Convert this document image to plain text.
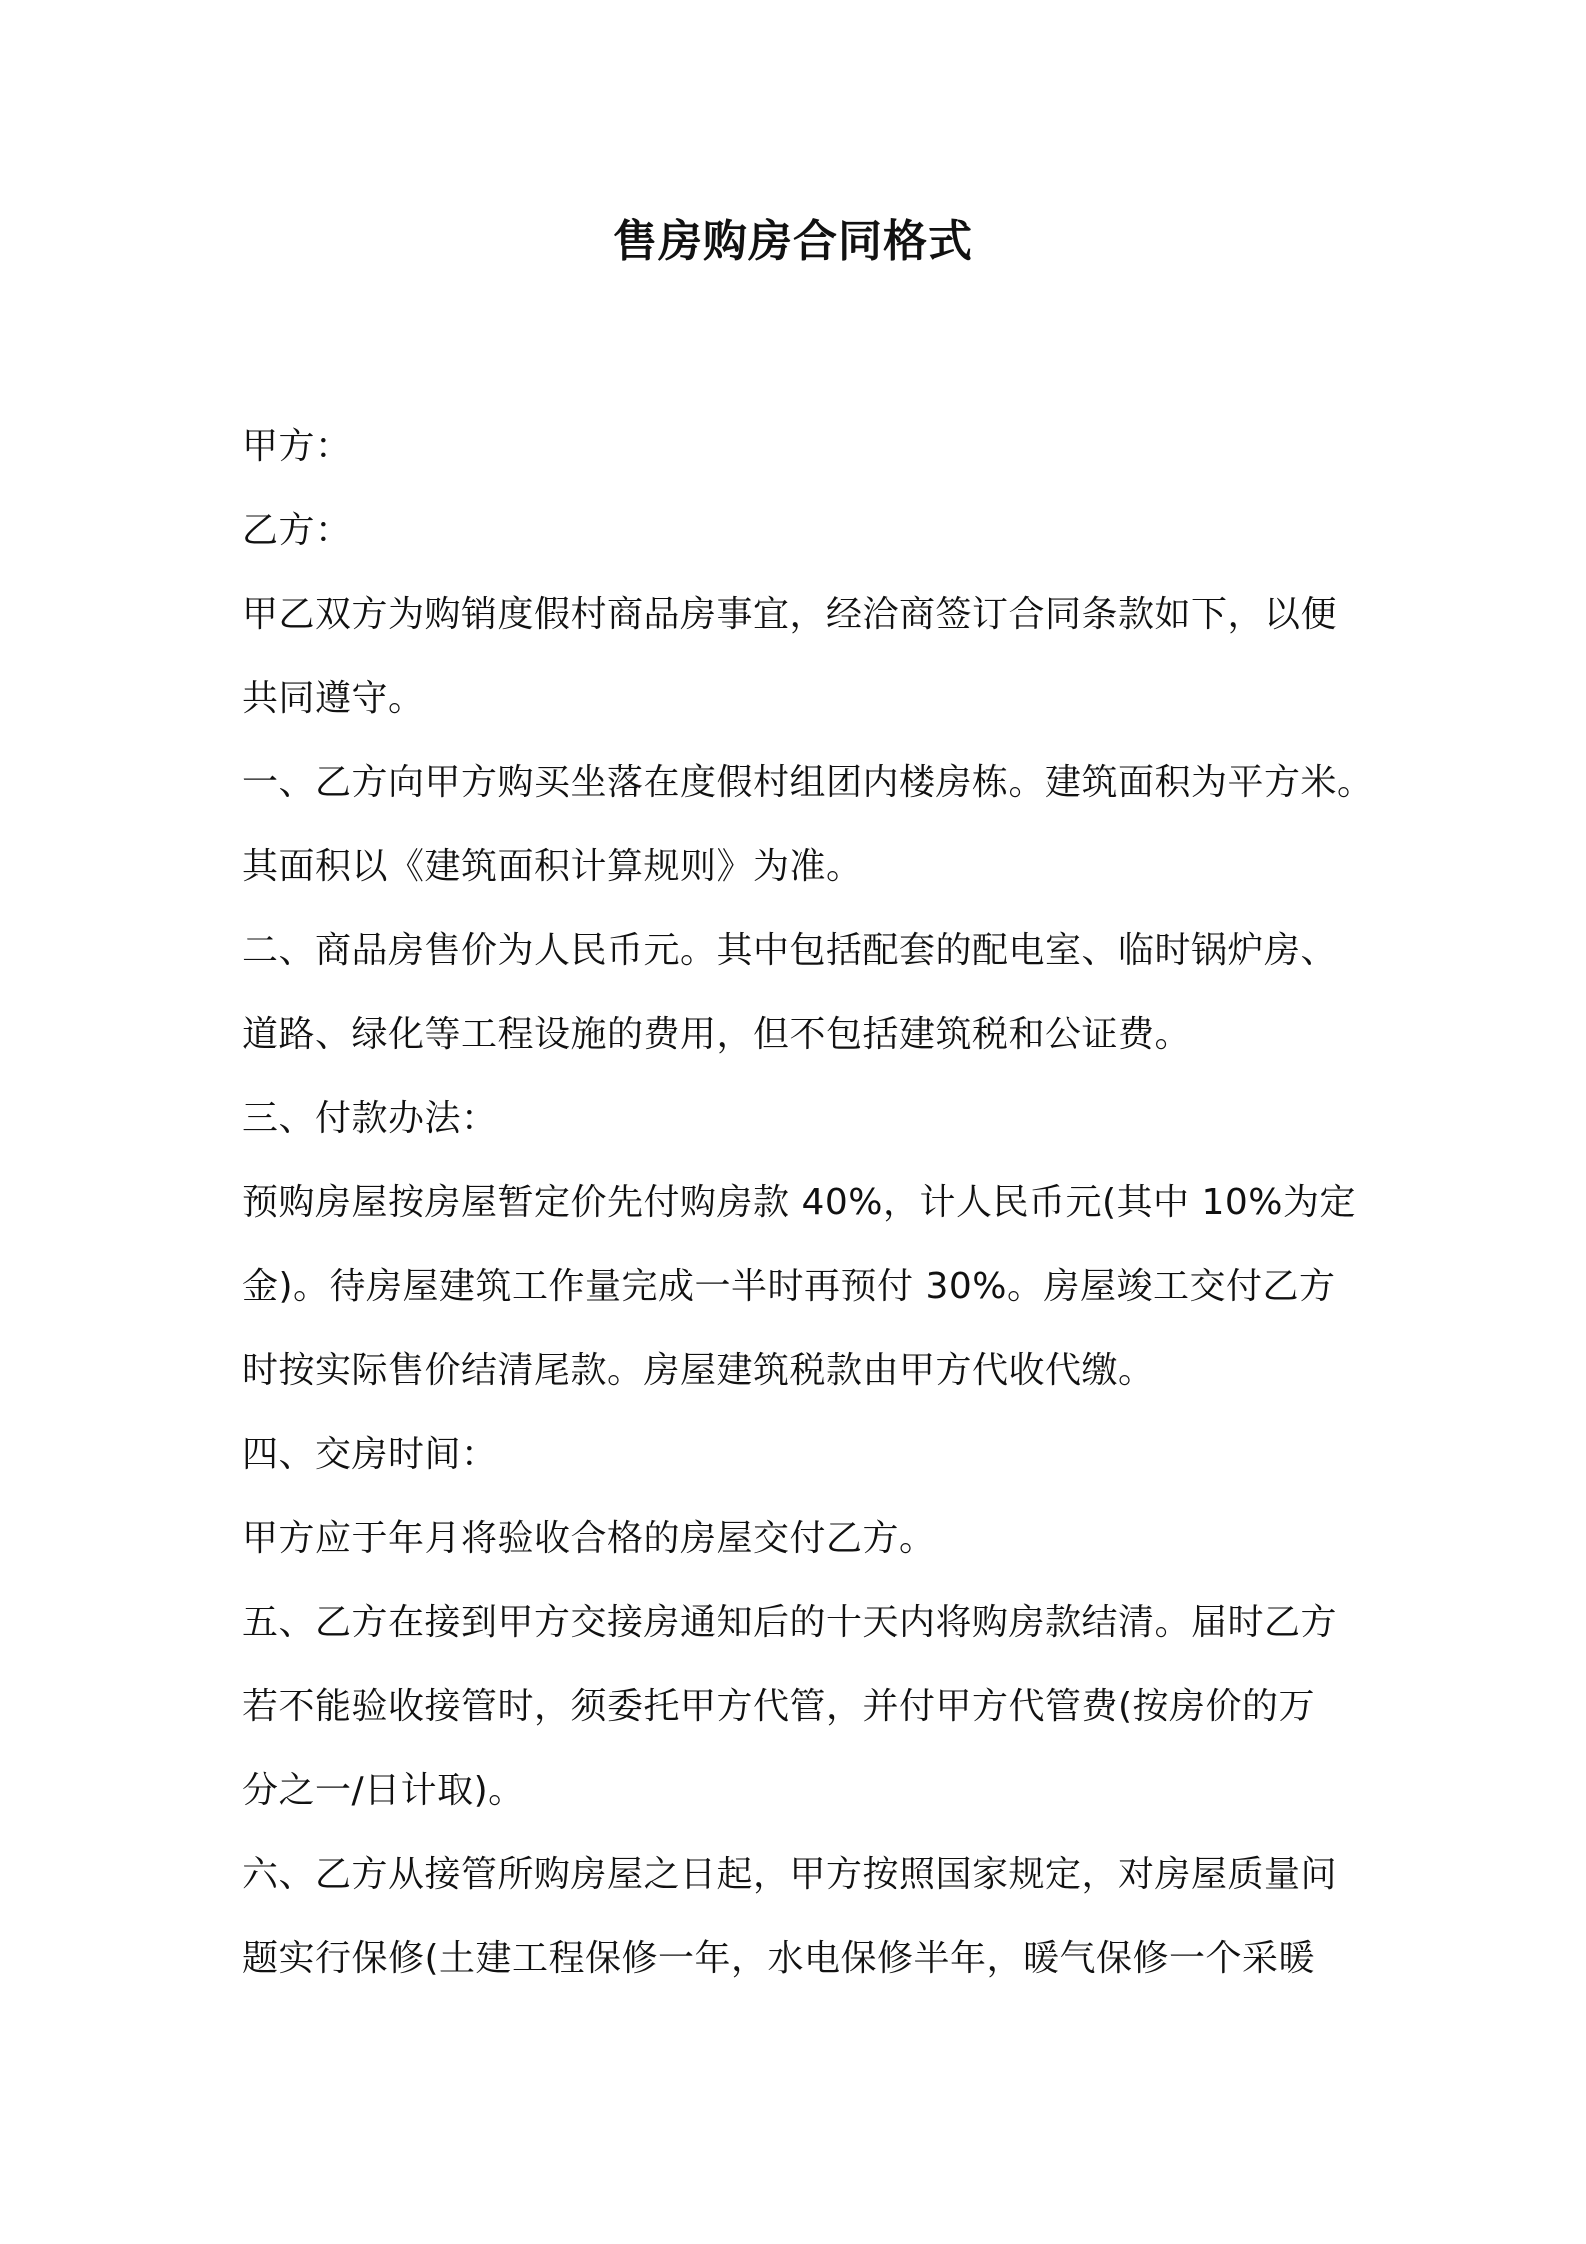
售房购房合同格式
甲方：
乙方：
甲乙双方为购销度假村商品房事宜，经洽商签订合同条款如下，以便
共同遵守。
一、乙方向甲方购买坐落在度假村组团内楼房栋。建筑面积为平方米。
其面积以《建筑面积计算规则》为准。
二、商品房售价为人民币元。其中包括配套的配电室、临时锅炉房、
道路、绿化等工程设施的费用，但不包括建筑税和公证费。
三、付款办法：
预购房屋按房屋暂定价先付购房款 40%，计人民币元(其中 10%为定
金)。待房屋建筑工作量完成一半时再预付 30%。房屋竣工交付乙方
时按实际售价结清尾款。房屋建筑税款由甲方代收代缴。
四、交房时间：
甲方应于年月将验收合格的房屋交付乙方。
五、乙方在接到甲方交接房通知后的十天内将购房款结清。届时乙方
若不能验收接管时，须委托甲方代管，并付甲方代管费(按房价的万
分之一/日计取)。
六、乙方从接管所购房屋之日起，甲方按照国家规定，对房屋质量问
题实行保修(土建工程保修一年，水电保修半年，暖气保修一个采暖
